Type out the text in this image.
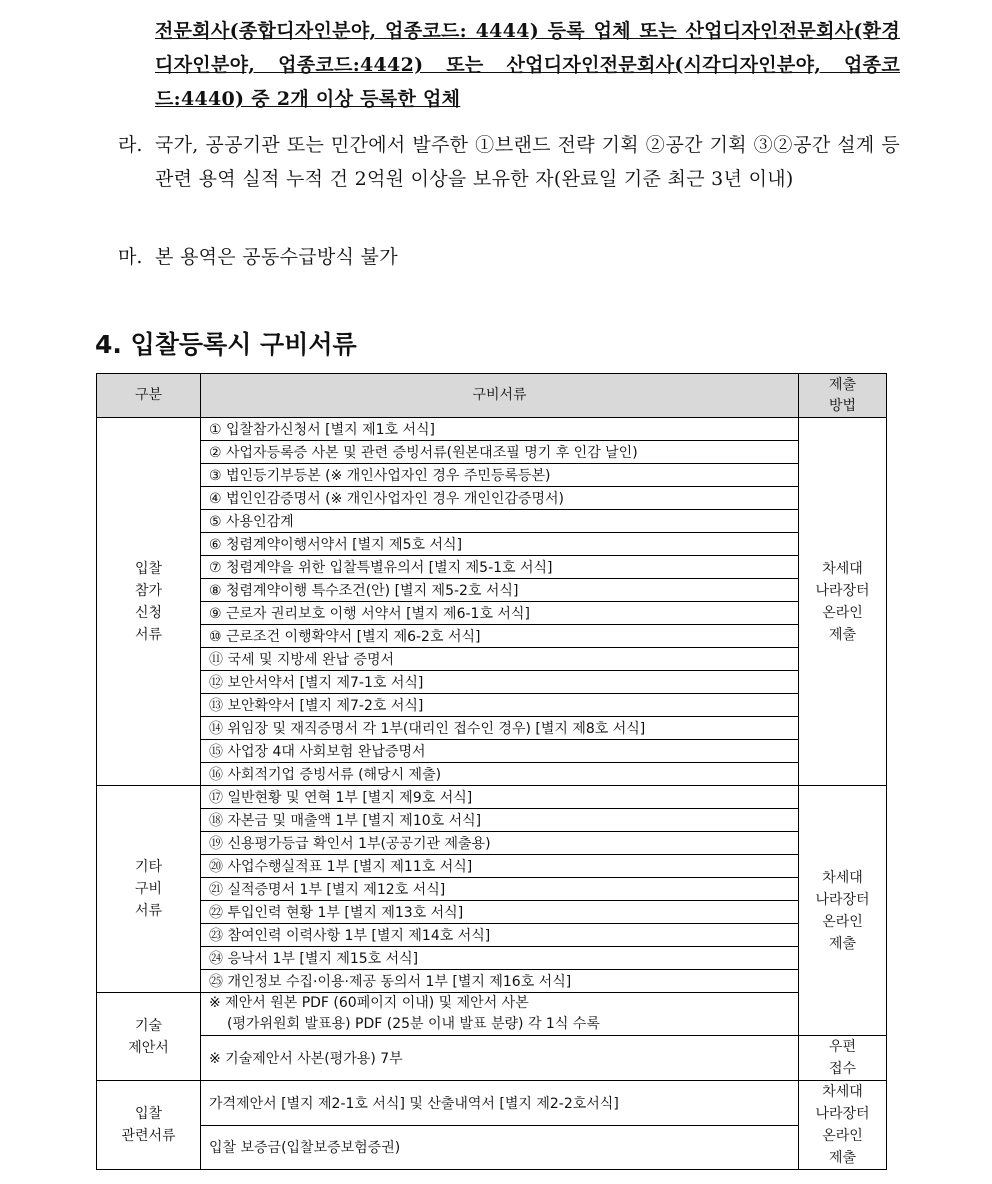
전문회사(종합디자인분야, 업종코드: 4444) 등록 업체 또는 산업디자인전문회사(환경디자인분야, 업종코드:4442) 또는 산업디자인전문회사(시각디자인분야, 업종코드:4440) 중 2개 이상 등록한 업체
라. 국가, 공공기관 또는 민간에서 발주한 ①브랜드 전략 기획 ②공간 기획 ③②공간 설계 등 관련 용역 실적 누적 건 2억원 이상을 보유한 자(완료일 기준 최근 3년 이내)
마. 본 용역은 공동수급방식 불가
4. 입찰등록시 구비서류
구분	구비서류	제출
방법

입찰
참가
신청
서류	① 입찰참가신청서 [별지 제1호 서식]	차세대
나라장터
온라인
제출

	② 사업자등록증 사본 및 관련 증빙서류(원본대조필 명기 후 인감 날인)	
	③ 법인등기부등본 (※ 개인사업자인 경우 주민등록등본)	
	④ 법인인감증명서 (※ 개인사업자인 경우 개인인감증명서)	
	⑤ 사용인감계	
	⑥ 청렴계약이행서약서 [별지 제5호 서식]	
	⑦ 청렴계약을 위한 입찰특별유의서 [별지 제5-1호 서식]	
	⑧ 청렴계약이행 특수조건(안) [별지 제5-2호 서식]	
	⑨ 근로자 권리보호 이행 서약서 [별지 제6-1호 서식]	
	⑩ 근로조건 이행확약서 [별지 제6-2호 서식]	
	⑪ 국세 및 지방세 완납 증명서	
	⑫ 보안서약서 [별지 제7-1호 서식]	
	⑬ 보안확약서 [별지 제7-2호 서식]	
	⑭ 위임장 및 재직증명서 각 1부(대리인 접수인 경우) [별지 제8호 서식]	
	⑮ 사업장 4대 사회보험 완납증명서	
	⑯ 사회적기업 증빙서류 (해당시 제출)	

기타
구비
서류	⑰ 일반현황 및 연혁 1부 [별지 제9호 서식]	차세대
나라장터
온라인
제출

	⑱ 자본금 및 매출액 1부 [별지 제10호 서식]	
	⑲ 신용평가등급 확인서 1부(공공기관 제출용)	
	⑳ 사업수행실적표 1부 [별지 제11호 서식]	
	㉑ 실적증명서 1부 [별지 제12호 서식]	
	㉒ 투입인력 현황 1부 [별지 제13호 서식]	
	㉓ 참여인력 이력사항 1부 [별지 제14호 서식]	
	㉔ 응낙서 1부 [별지 제15호 서식]	
	㉕ 개인정보 수집·이용·제공 동의서 1부 [별지 제16호 서식]	

기술
제안서	※ 제안서 원본 PDF (60페이지 이내) 및 제안서 사본
(평가위원회 발표용) PDF (25분 이내 발표 분량) 각 1식 수록	

	※ 기술제안서 사본(평가용) 7부	우편
접수

입찰
관련서류	가격제안서 [별지 제2-1호 서식] 및 산출내역서 [별지 제2-2호서식]	차세대
나라장터
온라인
제출

	입찰 보증금(입찰보증보험증권)	
